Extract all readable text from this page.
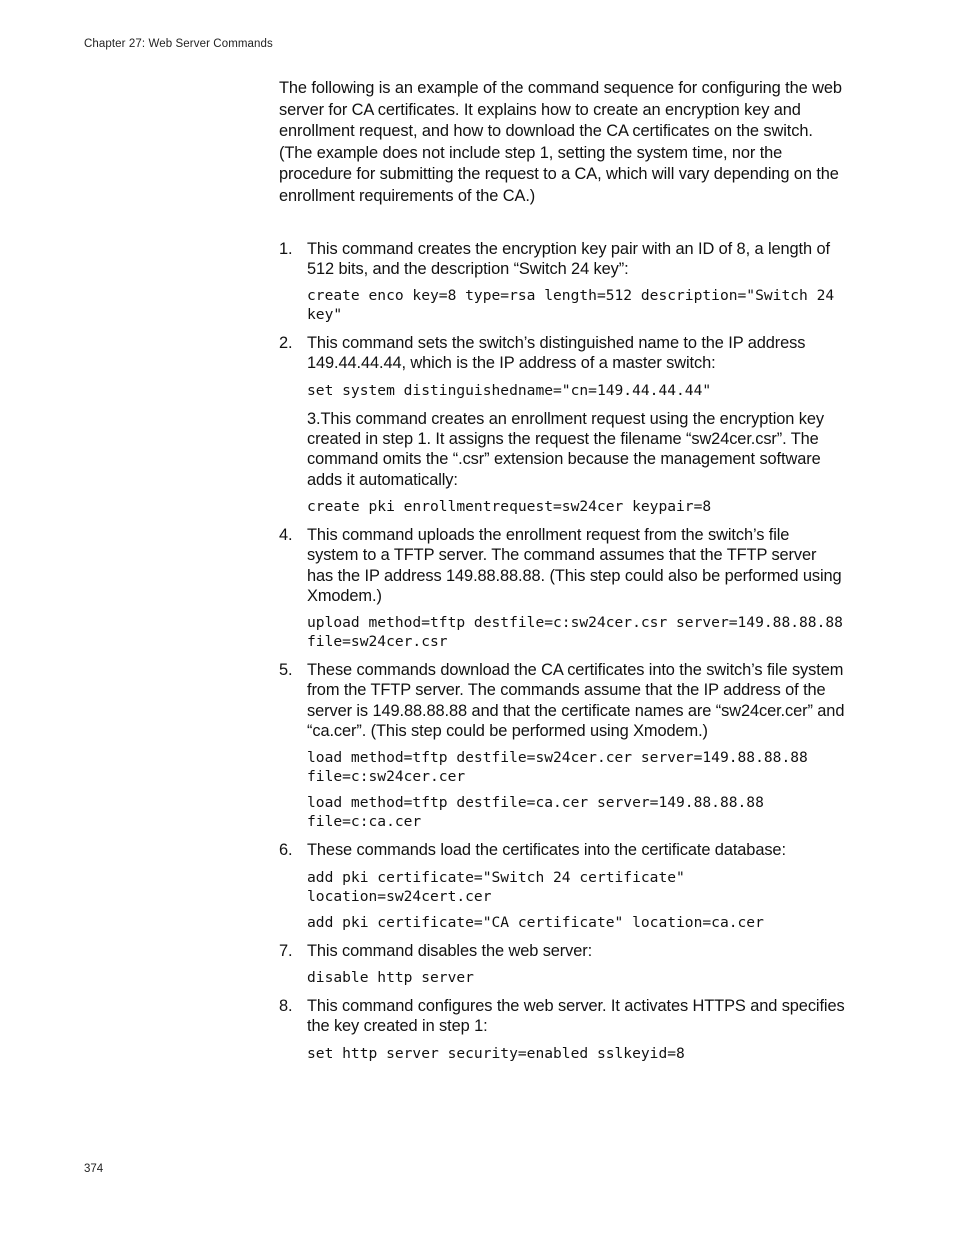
Chapter 27: Web Server Commands

The following is an example of the command sequence for configuring the web server for CA certificates. It explains how to create an encryption key and enrollment request, and how to download the CA certificates on the switch. (The example does not include step 1, setting the system time, nor the procedure for submitting the request to a CA, which will vary depending on the enrollment requirements of the CA.)

1. This command creates the encryption key pair with an ID of 8, a length of 512 bits, and the description “Switch 24 key”:
create enco key=8 type=rsa length=512 description="Switch 24 key"
2. This command sets the switch’s distinguished name to the IP address 149.44.44.44, which is the IP address of a master switch:
set system distinguishedname="cn=149.44.44.44"
3.This command creates an enrollment request using the encryption key created in step 1. It assigns the request the filename “sw24cer.csr”. The command omits the “.csr” extension because the management software adds it automatically:
create pki enrollmentrequest=sw24cer keypair=8
4. This command uploads the enrollment request from the switch’s file system to a TFTP server. The command assumes that the TFTP server has the IP address 149.88.88.88. (This step could also be performed using Xmodem.)
upload method=tftp destfile=c:sw24cer.csr server=149.88.88.88 file=sw24cer.csr
5. These commands download the CA certificates into the switch’s file system from the TFTP server. The commands assume that the IP address of the server is 149.88.88.88 and that the certificate names are “sw24cer.cer” and “ca.cer”. (This step could be performed using Xmodem.)
load method=tftp destfile=sw24cer.cer server=149.88.88.88 file=c:sw24cer.cer
load method=tftp destfile=ca.cer server=149.88.88.88 file=c:ca.cer
6. These commands load the certificates into the certificate database:
add pki certificate="Switch 24 certificate" location=sw24cert.cer
add pki certificate="CA certificate" location=ca.cer
7. This command disables the web server:
disable http server
8. This command configures the web server. It activates HTTPS and specifies the key created in step 1:
set http server security=enabled sslkeyid=8
374
